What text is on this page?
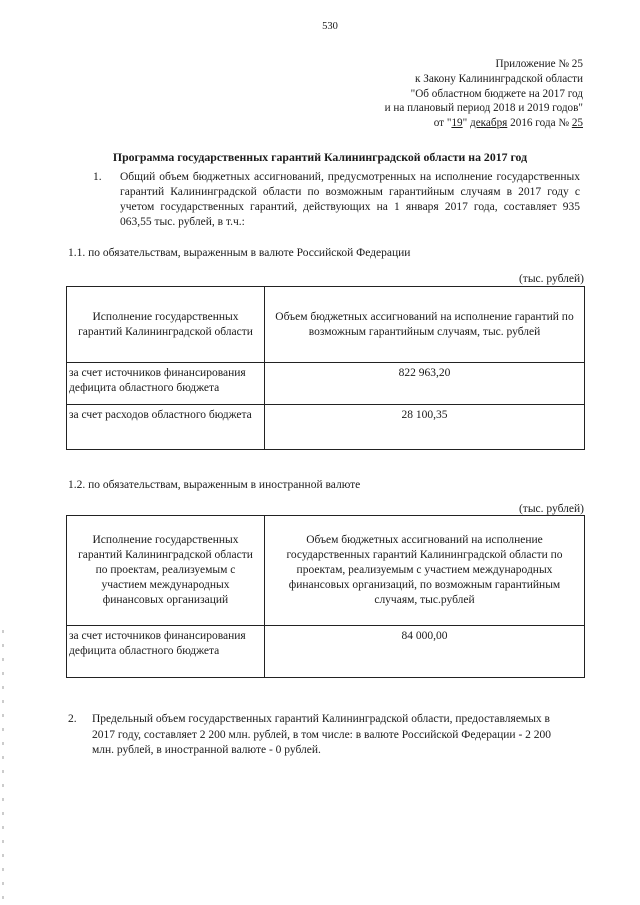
530
Приложение № 25
к Закону Калининградской области
"Об областном бюджете на 2017 год
и на плановый период 2018 и 2019 годов"
от "19" декабря 2016 года № 25
Программа государственных гарантий Калининградской области на 2017 год
1. Общий объем бюджетных ассигнований, предусмотренных на исполнение государственных гарантий Калининградской области по возможным гарантийным случаям в 2017 году с учетом государственных гарантий, действующих на 1 января 2017 года, составляет 935 063,55 тыс. рублей, в т.ч.:
1.1. по обязательствам, выраженным в валюте Российской Федерации
(тыс. рублей)
Исполнение государственных гарантий Калининградской области	Объем бюджетных ассигнований на исполнение гарантий по возможным гарантийным случаям, тыс. рублей
за счет источников финансирования дефицита областного бюджета	822 963,20
за счет расходов областного бюджета	28 100,35
1.2. по обязательствам, выраженным в иностранной валюте
(тыс. рублей)
Исполнение государственных гарантий Калининградской области по проектам, реализуемым с участием международных финансовых организаций	Объем бюджетных ассигнований на исполнение государственных гарантий Калининградской области по проектам, реализуемым с участием международных финансовых организаций, по возможным гарантийным случаям, тыс.рублей
за счет источников финансирования дефицита областного бюджета	84 000,00
2. Предельный объем государственных гарантий Калининградской области, предоставляемых в 2017 году, составляет 2 200 млн. рублей, в том числе: в валюте Российской Федерации - 2 200 млн. рублей, в иностранной валюте - 0 рублей.
